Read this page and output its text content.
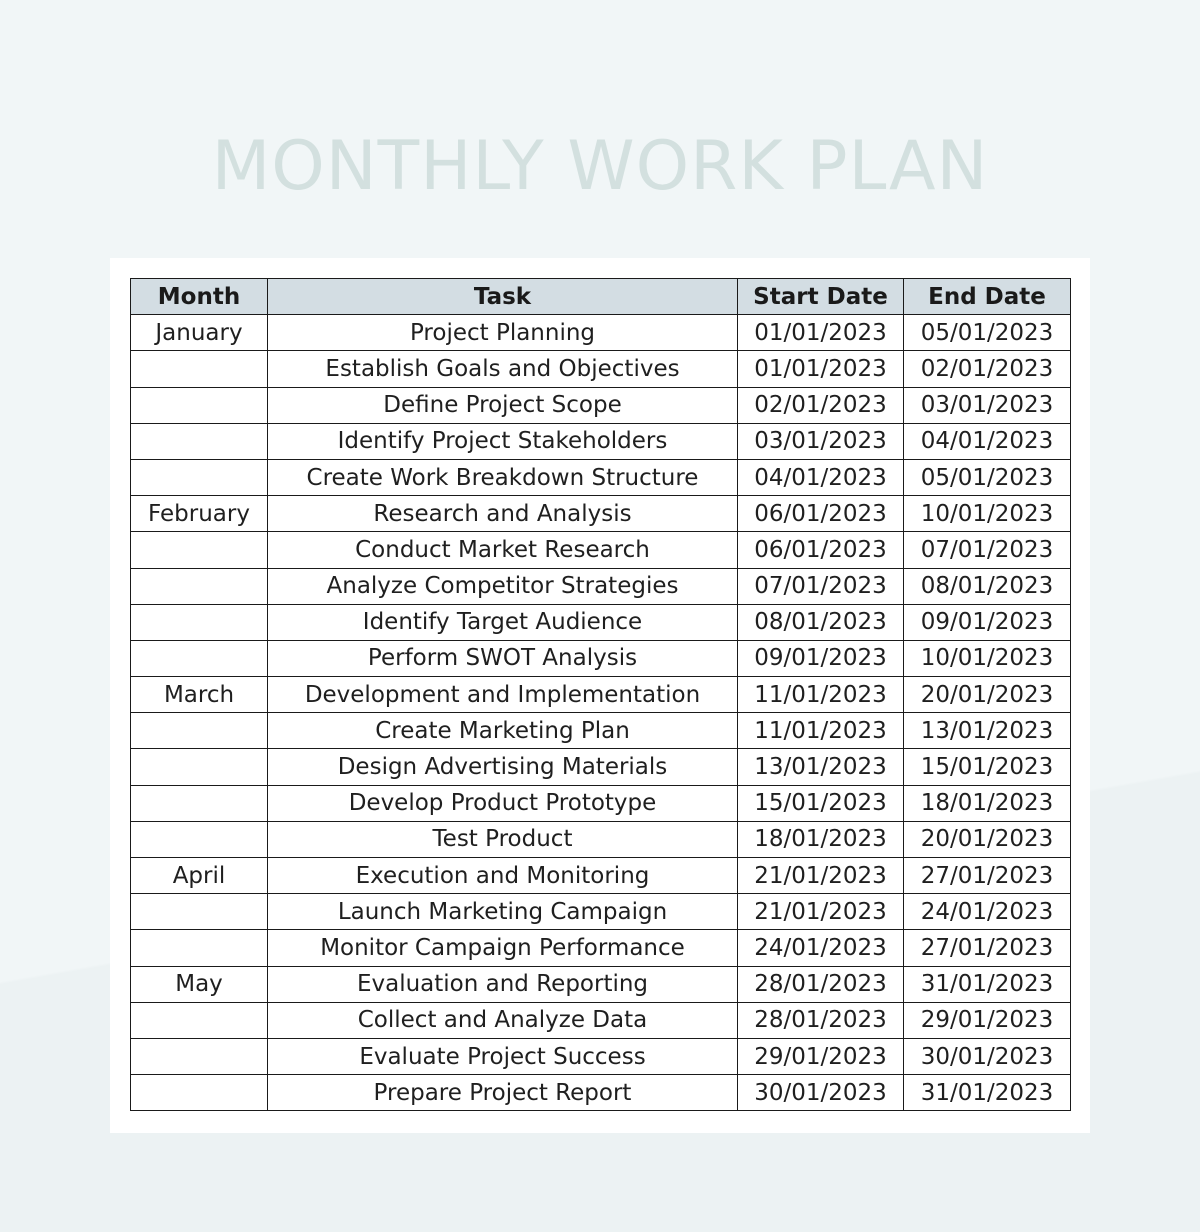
MONTHLY WORK PLAN
Month	Task	Start Date	End Date
January	Project Planning	01/01/2023	05/01/2023
	Establish Goals and Objectives	01/01/2023	02/01/2023
	Define Project Scope	02/01/2023	03/01/2023
	Identify Project Stakeholders	03/01/2023	04/01/2023
	Create Work Breakdown Structure	04/01/2023	05/01/2023
February	Research and Analysis	06/01/2023	10/01/2023
	Conduct Market Research	06/01/2023	07/01/2023
	Analyze Competitor Strategies	07/01/2023	08/01/2023
	Identify Target Audience	08/01/2023	09/01/2023
	Perform SWOT Analysis	09/01/2023	10/01/2023
March	Development and Implementation	11/01/2023	20/01/2023
	Create Marketing Plan	11/01/2023	13/01/2023
	Design Advertising Materials	13/01/2023	15/01/2023
	Develop Product Prototype	15/01/2023	18/01/2023
	Test Product	18/01/2023	20/01/2023
April	Execution and Monitoring	21/01/2023	27/01/2023
	Launch Marketing Campaign	21/01/2023	24/01/2023
	Monitor Campaign Performance	24/01/2023	27/01/2023
May	Evaluation and Reporting	28/01/2023	31/01/2023
	Collect and Analyze Data	28/01/2023	29/01/2023
	Evaluate Project Success	29/01/2023	30/01/2023
	Prepare Project Report	30/01/2023	31/01/2023
